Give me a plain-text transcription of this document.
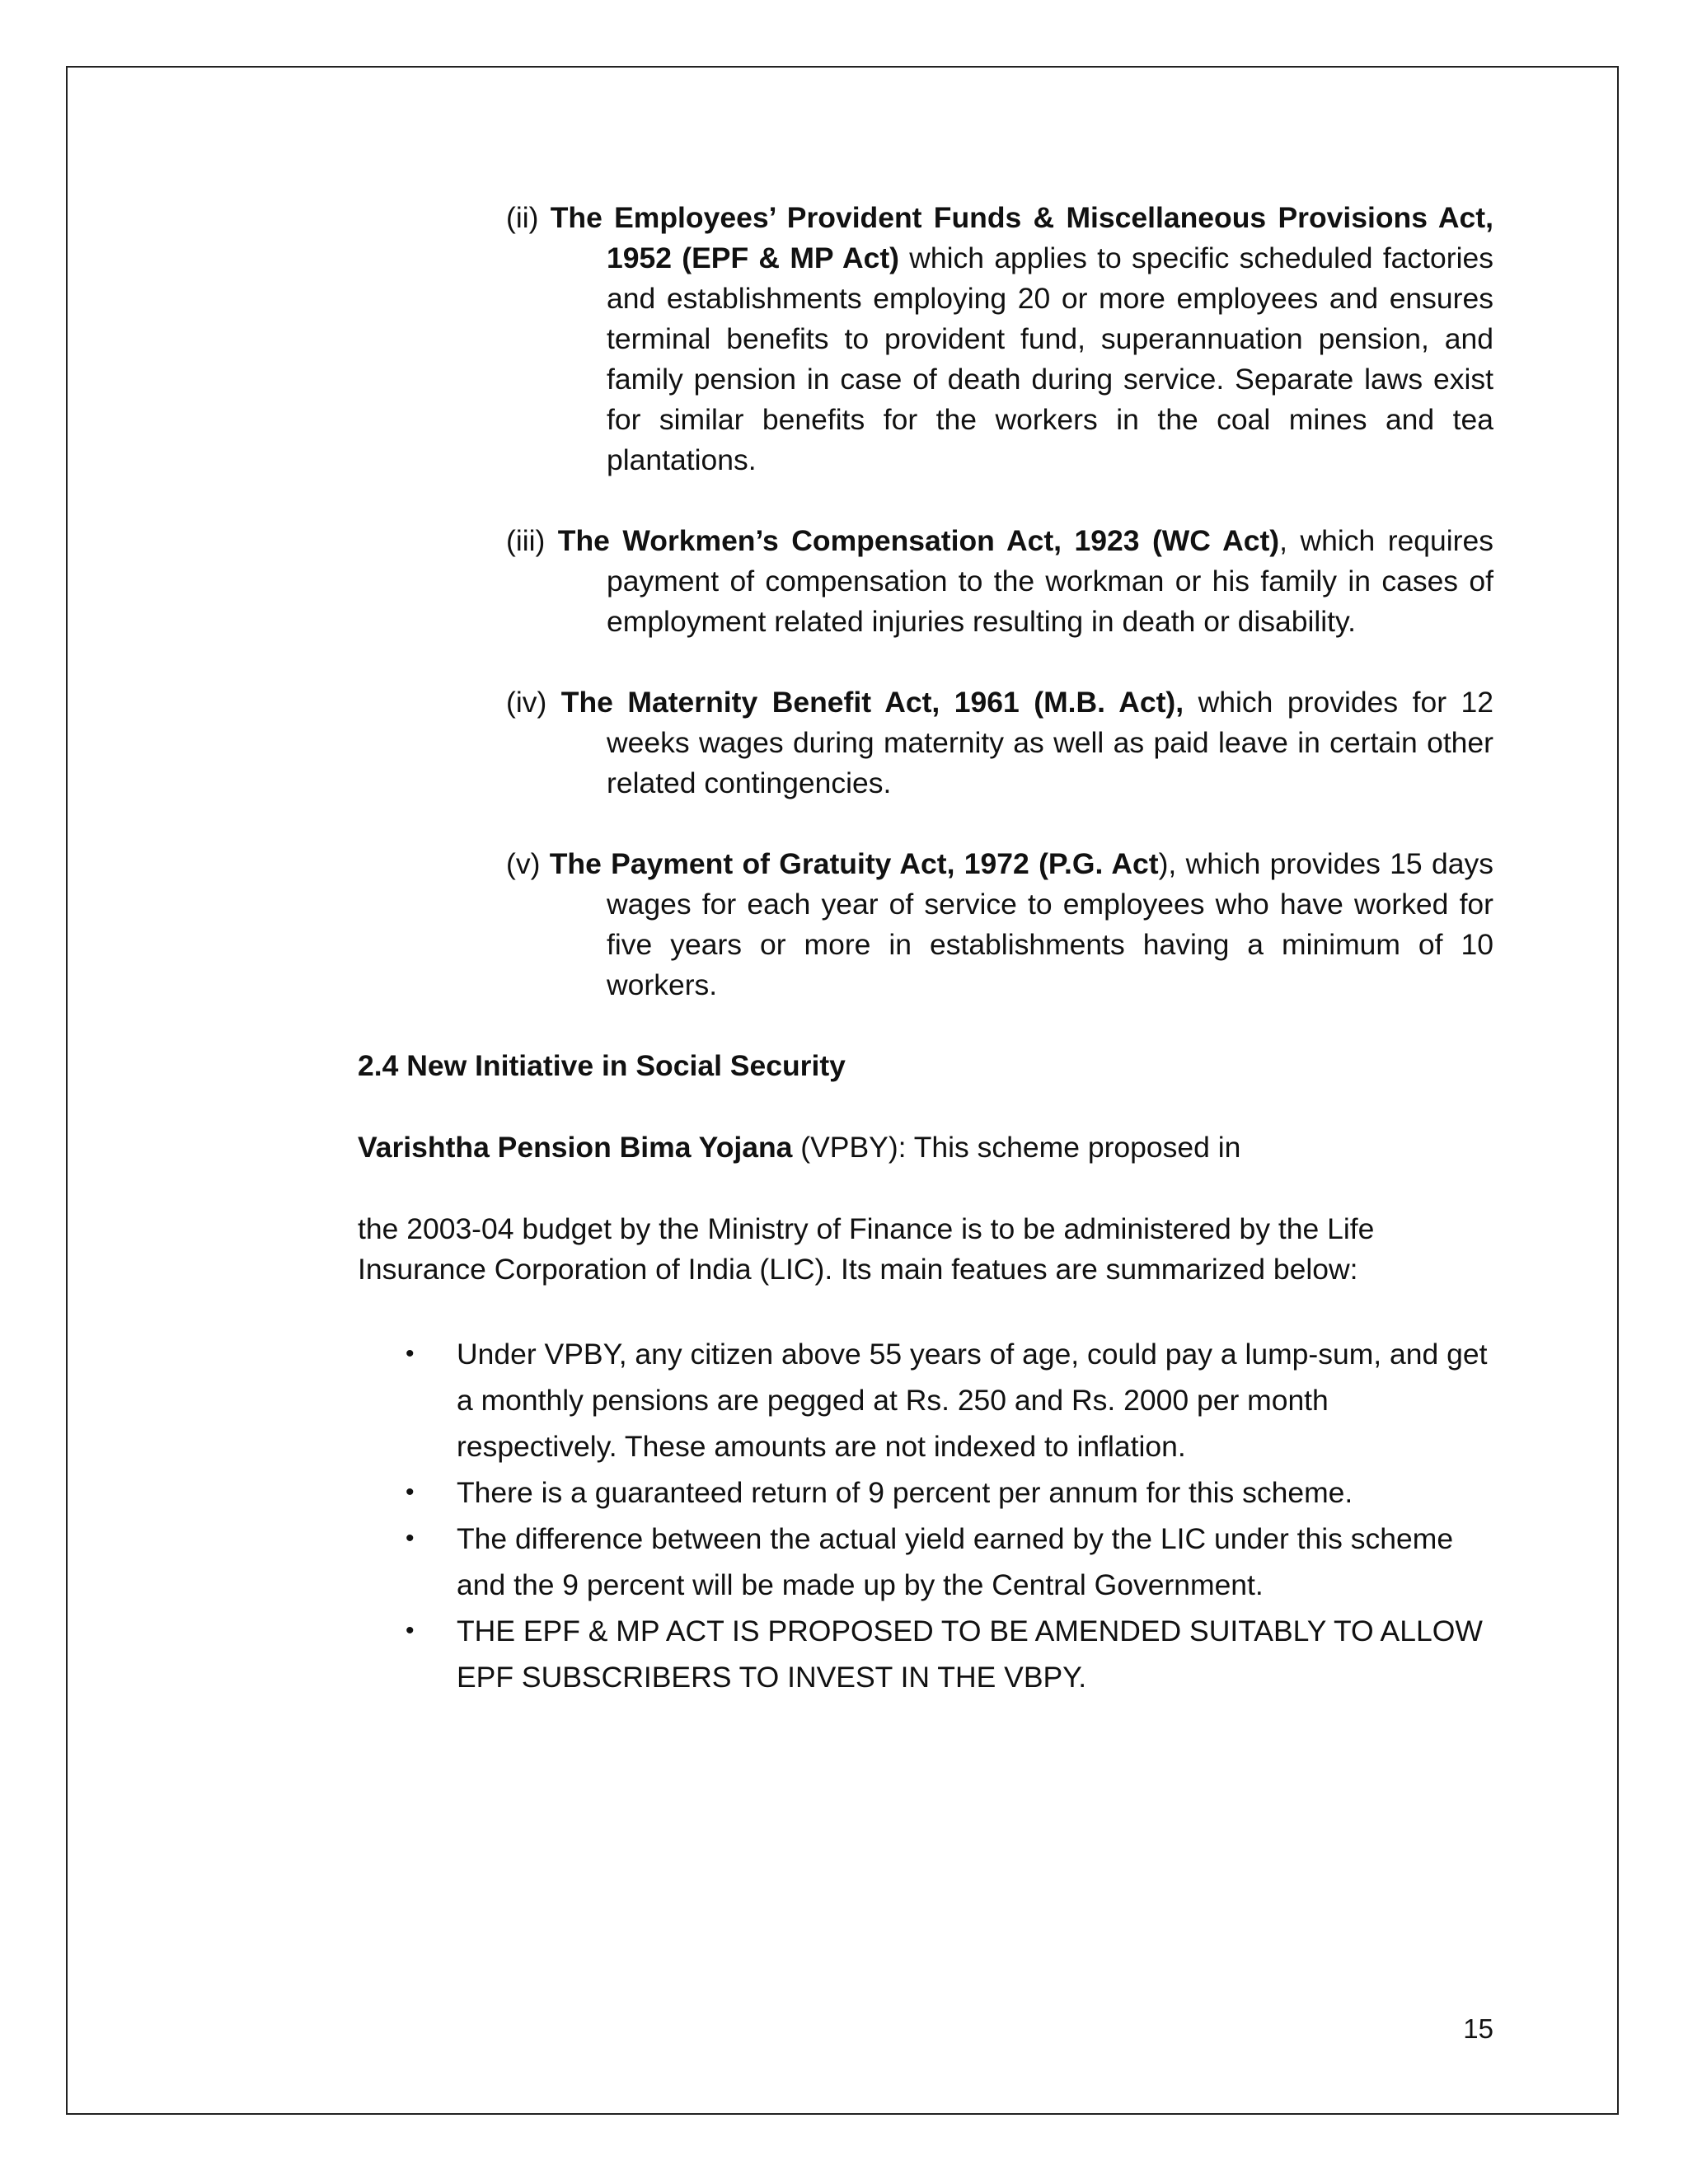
(ii) The Employees’ Provident Funds & Miscellaneous Provisions Act, 1952 (EPF & MP Act) which applies to specific scheduled factories and establishments employing 20 or more employees and ensures terminal benefits to provident fund, superannuation pension, and family pension in case of death during service. Separate laws exist for similar benefits for the workers in the coal mines and tea plantations.
(iii) The Workmen’s Compensation Act, 1923 (WC Act), which requires payment of compensation to the workman or his family in cases of employment related injuries resulting in death or disability.
(iv) The Maternity Benefit Act, 1961 (M.B. Act), which provides for 12 weeks wages during maternity as well as paid leave in certain other related contingencies.
(v) The Payment of Gratuity Act, 1972 (P.G. Act), which provides 15 days wages for each year of service to employees who have worked for five years or more in establishments having a minimum of 10 workers.
2.4 New Initiative in Social Security

Varishtha Pension Bima Yojana (VPBY): This scheme proposed in

the 2003-04 budget by the Ministry of Finance is to be administered by the Life Insurance Corporation of India (LIC). Its main featues are summarized below:

• Under VPBY, any citizen above 55 years of age, could pay a lump-sum, and get a monthly pensions are pegged at Rs. 250 and Rs. 2000 per month respectively. These amounts are not indexed to inflation.
• There is a guaranteed return of 9 percent per annum for this scheme.
• The difference between the actual yield earned by the LIC under this scheme and the 9 percent will be made up by the Central Government.
• THE EPF & MP ACT IS PROPOSED TO BE AMENDED SUITABLY TO ALLOW EPF SUBSCRIBERS TO INVEST IN THE VBPY.
15
